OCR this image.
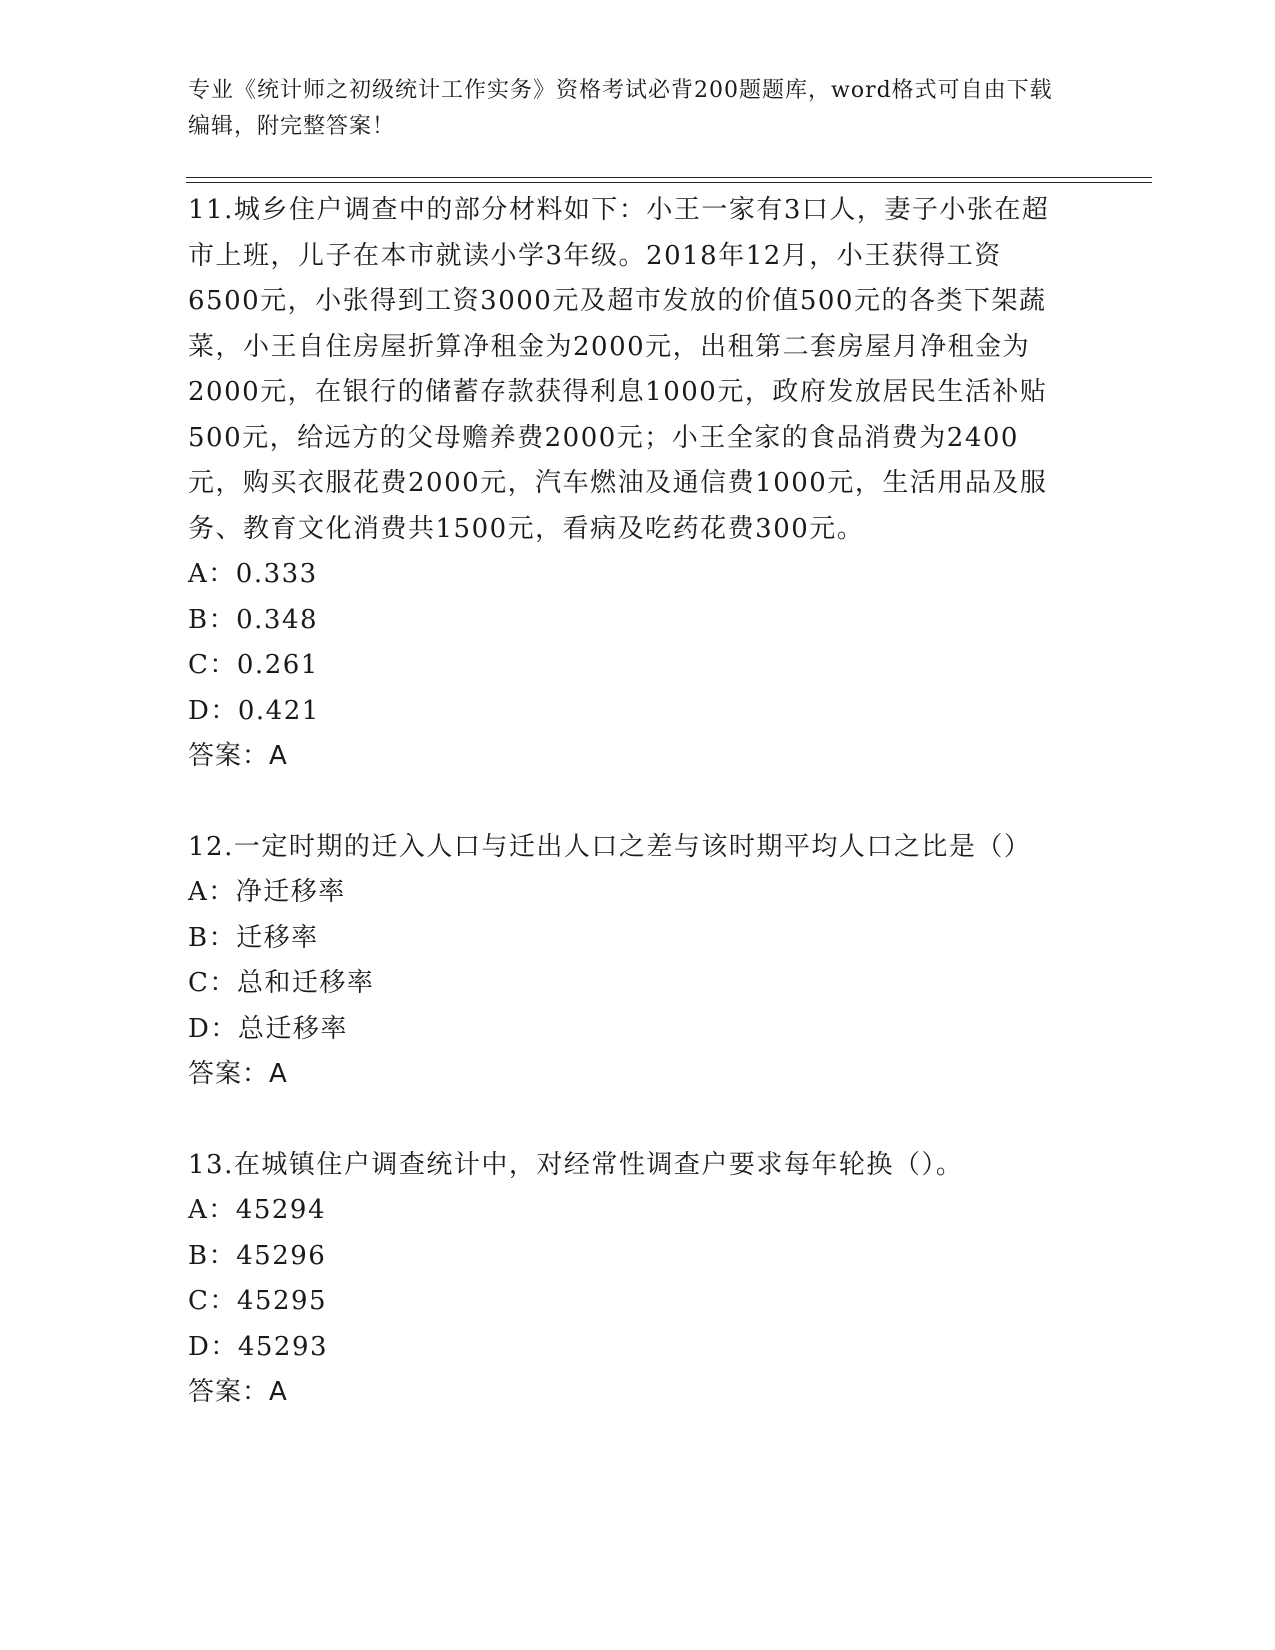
专业《统计师之初级统计工作实务》资格考试必背200题题库，word格式可自由下载编辑，附完整答案！

11.城乡住户调查中的部分材料如下：小王一家有3口人，妻子小张在超市上班，儿子在本市就读小学3年级。2018年12月，小王获得工资6500元，小张得到工资3000元及超市发放的价值500元的各类下架蔬菜，小王自住房屋折算净租金为2000元，出租第二套房屋月净租金为2000元，在银行的储蓄存款获得利息1000元，政府发放居民生活补贴500元，给远方的父母赡养费2000元；小王全家的食品消费为2400元，购买衣服花费2000元，汽车燃油及通信费1000元，生活用品及服务、教育文化消费共1500元，看病及吃药花费300元。

A：0.333

B：0.348

C：0.261

D：0.421

答案：A

12.一定时期的迁入人口与迁出人口之差与该时期平均人口之比是（）

A：净迁移率

B：迁移率

C：总和迁移率

D：总迁移率

答案：A

13.在城镇住户调查统计中，对经常性调查户要求每年轮换（）。

A：45294

B：45296

C：45295

D：45293

答案：A
